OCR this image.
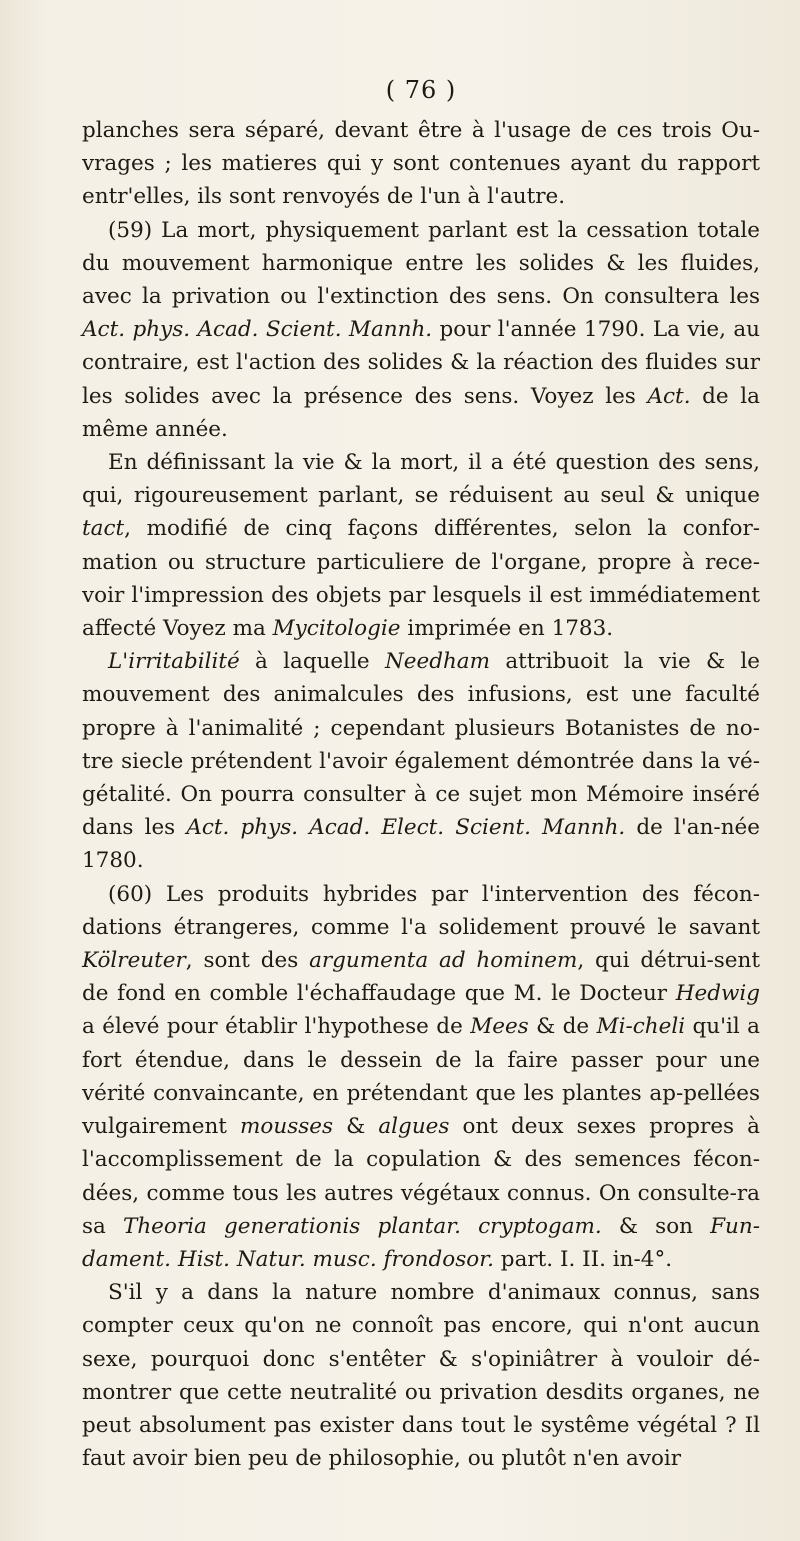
( 76 )

planches sera séparé, devant être à l'usage de ces trois Ou-vrages ; les matieres qui y sont contenues ayant du rapport entr'elles, ils sont renvoyés de l'un à l'autre.

(59) La mort, physiquement parlant est la cessation totale du mouvement harmonique entre les solides & les fluides, avec la privation ou l'extinction des sens. On consultera les Act. phys. Acad. Scient. Mannh. pour l'année 1790. La vie, au contraire, est l'action des solides & la réaction des fluides sur les solides avec la présence des sens. Voyez les Act. de la même année.

En définissant la vie & la mort, il a été question des sens, qui, rigoureusement parlant, se réduisent au seul & unique tact, modifié de cinq façons différentes, selon la confor-mation ou structure particuliere de l'organe, propre à rece-voir l'impression des objets par lesquels il est immédiatement affecté Voyez ma Mycitologie imprimée en 1783.

L'irritabilité à laquelle Needham attribuoit la vie & le mouvement des animalcules des infusions, est une faculté propre à l'animalité ; cependant plusieurs Botanistes de no-tre siecle prétendent l'avoir également démontrée dans la vé-gétalité. On pourra consulter à ce sujet mon Mémoire inséré dans les Act. phys. Acad. Elect. Scient. Mannh. de l'an-née 1780.

(60) Les produits hybrides par l'intervention des fécon-dations étrangeres, comme l'a solidement prouvé le savant Kölreuter, sont des argumenta ad hominem, qui détrui-sent de fond en comble l'échaffaudage que M. le Docteur Hedwig a élevé pour établir l'hypothese de Mees & de Mi-cheli qu'il a fort étendue, dans le dessein de la faire passer pour une vérité convaincante, en prétendant que les plantes ap-pellées vulgairement mousses & algues ont deux sexes propres à l'accomplissement de la copulation & des semences fécon-dées, comme tous les autres végétaux connus. On consulte-ra sa Theoria generationis plantar. cryptogam. & son Fun-dament. Hist. Natur. musc. frondosor. part. I. II. in-4°.

S'il y a dans la nature nombre d'animaux connus, sans compter ceux qu'on ne connoît pas encore, qui n'ont aucun sexe, pourquoi donc s'entêter & s'opiniâtrer à vouloir dé-montrer que cette neutralité ou privation desdits organes, ne peut absolument pas exister dans tout le systême végétal ? Il faut avoir bien peu de philosophie, ou plutôt n'en avoir
